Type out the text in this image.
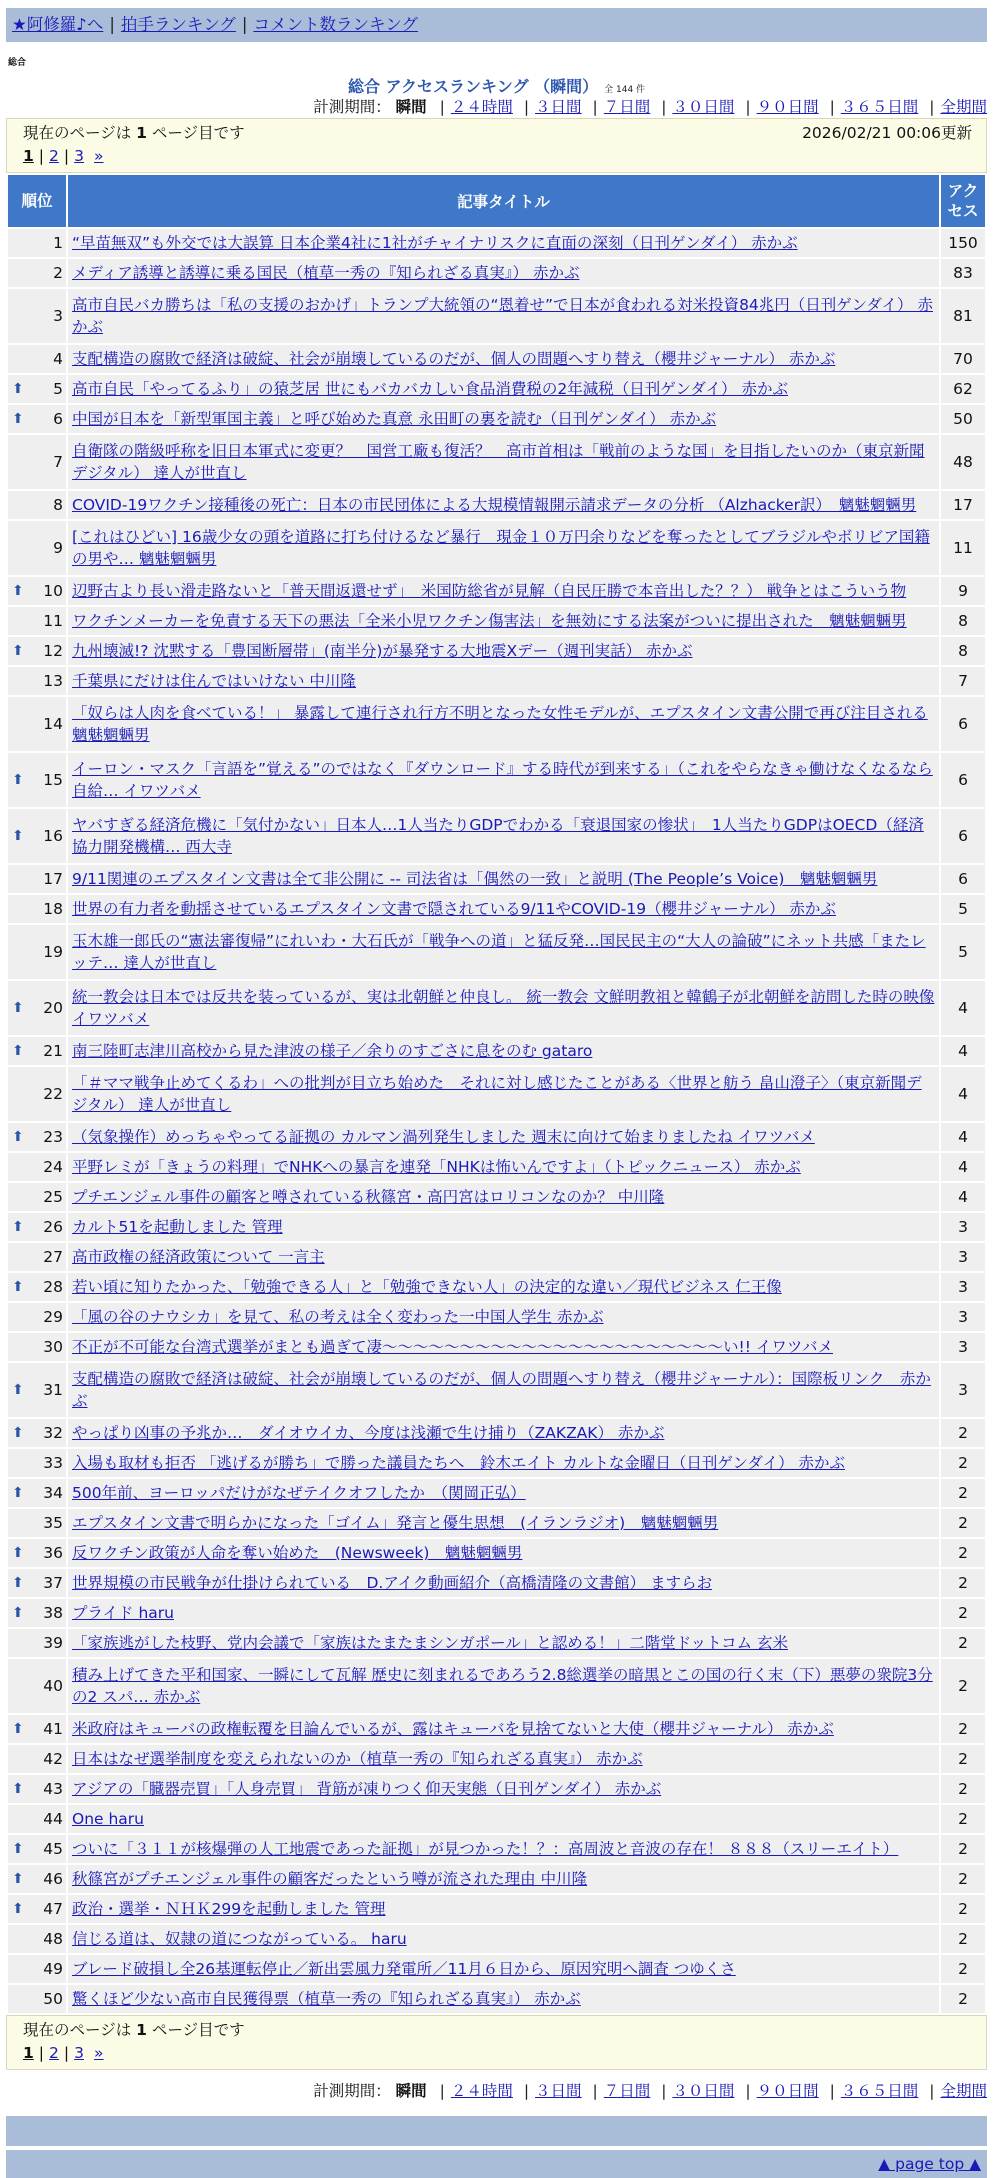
★阿修羅♪へ | 拍手ランキング | コメント数ランキング
総合
総合 アクセスランキング （瞬間） 全 144 件
計測期間： 瞬間 | ２４時間 | ３日間 | ７日間 | ３０日間 | ９０日間 | ３６５日間 | 全期間
現在のページは 1 ページ目です	2026/02/21 00:06更新
1 | 2 | 3 »
順位	記事タイトル	アクセス
1	“早苗無双”も外交では大誤算 日本企業4社に1社がチャイナリスクに直面の深刻（日刊ゲンダイ） 赤かぶ	150
2	メディア誘導と誘導に乗る国民（植草一秀の『知られざる真実』） 赤かぶ	83
3	高市自民バカ勝ちは「私の支援のおかげ」トランプ大統領の“恩着せ”で日本が食われる対米投資84兆円（日刊ゲンダイ） 赤かぶ	81
4	支配構造の腐敗で経済は破綻、社会が崩壊しているのだが、個人の問題へすり替え（櫻井ジャーナル） 赤かぶ	70

⬆ 5	高市自民「やってるふり」の猿芝居 世にもバカバカしい食品消費税の2年減税（日刊ゲンダイ） 赤かぶ	62

⬆ 6	中国が日本を「新型軍国主義」と呼び始めた真意 永田町の裏を読む（日刊ゲンダイ） 赤かぶ	50
7	自衛隊の階級呼称を旧日本軍式に変更？　国営工廠も復活？　高市首相は「戦前のような国」を目指したいのか（東京新聞デジタル） 達人が世直し	48
8	COVID-19ワクチン接種後の死亡：日本の市民団体による大規模情報開示請求データの分析 （Alzhacker訳）　魑魅魍魎男	17
9	[これはひどい] 16歳少女の頭を道路に打ち付けるなど暴行　現金１０万円余りなどを奪ったとしてブラジルやボリビア国籍の男や… 魑魅魍魎男	11

⬆ 10	辺野古より長い滑走路ないと「普天間返還せず」　米国防総省が見解（自民圧勝で本音出した？？） 戦争とはこういう物	9
11	ワクチンメーカーを免責する天下の悪法「全米小児ワクチン傷害法」を無効にする法案がついに提出された　魑魅魍魎男	8

⬆ 12	九州壊滅!? 沈黙する「豊国断層帯」(南半分)が暴発する大地震Xデー（週刊実話） 赤かぶ	8
13	千葉県にだけは住んではいけない 中川隆	7
14	「奴らは人肉を食べている！」 暴露して連行され行方不明となった女性モデルが、エプスタイン文書公開で再び注目される 魑魅魍魎男	6

⬆ 15	イーロン・マスク「言語を”覚える”のではなく『ダウンロード』する時代が到来する」（これをやらなきゃ働けなくなるなら 自給… イワツバメ	6

⬆ 16	ヤバすぎる経済危機に「気付かない」日本人…1人当たりGDPでわかる「衰退国家の惨状」　1人当たりGDPはOECD（経済協力開発機構… 西大寺	6
17	9/11関連のエプスタイン文書は全て非公開に -- 司法省は「偶然の一致」と説明 (The People’s Voice)　魑魅魍魎男	6
18	世界の有力者を動揺させているエプスタイン文書で隠されている9/11やCOVID-19（櫻井ジャーナル） 赤かぶ	5
19	玉木雄一郎氏の“憲法審復帰”にれいわ・大石氏が「戦争への道」と猛反発…国民民主の“大人の論破”にネット共感「またレッテ… 達人が世直し	5

⬆ 20	統一教会は日本では反共を装っているが、実は北朝鮮と仲良し。 統一教会 文鮮明教祖と韓鶴子が北朝鮮を訪問した時の映像 イワツバメ	4

⬆ 21	南三陸町志津川高校から見た津波の様子／余りのすごさに息をのむ gataro	4
22	「＃ママ戦争止めてくるわ」への批判が目立ち始めた　それに対し感じたことがある〈世界と舫う 畠山澄子〉（東京新聞デジタル） 達人が世直し	4

⬆ 23	（気象操作）めっちゃやってる証拠の カルマン渦列発生しました 週末に向けて始まりましたね イワツバメ	4
24	平野レミが「きょうの料理」でNHKへの暴言を連発「NHKは怖いんですよ」（トピックニュース） 赤かぶ	4
25	プチエンジェル事件の顧客と噂されている秋篠宮・高円宮はロリコンなのか？ 中川隆	4

⬆ 26	カルト51を起動しました 管理	3
27	高市政権の経済政策について 一言主	3

⬆ 28	若い頃に知りたかった、「勉強できる人」と「勉強できない人」の決定的な違い／現代ビジネス 仁王像	3
29	「風の谷のナウシカ」を見て、私の考えは全く変わった一中国人学生 赤かぶ	3
30	不正が不可能な台湾式選挙がまとも過ぎて凄～～～～～～～～～～～～～～～～～～～～～～い!! イワツバメ	3

⬆ 31	支配構造の腐敗で経済は破綻、社会が崩壊しているのだが、個人の問題へすり替え（櫻井ジャーナル）：国際板リンク　赤かぶ	3

⬆ 32	やっぱり凶事の予兆か…　ダイオウイカ、今度は浅瀬で生け捕り（ZAKZAK） 赤かぶ	2
33	入場も取材も拒否 「逃げるが勝ち」で勝った議員たちへ　鈴木エイト カルトな金曜日（日刊ゲンダイ） 赤かぶ	2

⬆ 34	500年前、ヨーロッパだけがなぜテイクオフしたか　（関岡正弘）	2
35	エプスタイン文書で明らかになった「ゴイム」発言と優生思想　(イランラジオ)　魑魅魍魎男	2

⬆ 36	反ワクチン政策が人命を奪い始めた　(Newsweek)　魑魅魍魎男	2

⬆ 37	世界規模の市民戦争が仕掛けられている　D.アイク動画紹介（高橋清隆の文書館） ますらお	2

⬆ 38	プライド haru	2
39	「家族逃がした枝野、党内会議で「家族はたまたまシンガポール」と認める！」二階堂ドットコム 玄米	2
40	積み上げてきた平和国家、一瞬にして瓦解 歴史に刻まれるであろう2.8総選挙の暗黒とこの国の行く末（下）悪夢の衆院3分の2 スパ… 赤かぶ	2

⬆ 41	米政府はキューバの政権転覆を目論んでいるが、露はキューバを見捨てないと大使（櫻井ジャーナル） 赤かぶ	2
42	日本はなぜ選挙制度を変えられないのか（植草一秀の『知られざる真実』） 赤かぶ	2

⬆ 43	アジアの「臓器売買」「人身売買」 背筋が凍りつく仰天実態（日刊ゲンダイ） 赤かぶ	2
44	One haru	2

⬆ 45	ついに「３１１が核爆弾の人工地震であった証拠」が見つかった！？：高周波と音波の存在！ ８８８（スリーエイト）	2

⬆ 46	秋篠宮がプチエンジェル事件の顧客だったという噂が流された理由 中川隆	2

⬆ 47	政治・選挙・ＮＨＫ299を起動しました 管理	2
48	信じる道は、奴隷の道につながっている。 haru	2
49	ブレード破損し全26基運転停止／新出雲風力発電所／11月６日から、原因究明へ調査 つゆくさ	2
50	驚くほど少ない高市自民獲得票（植草一秀の『知られざる真実』） 赤かぶ	2
現在のページは 1 ページ目です
1 | 2 | 3 »
計測期間： 瞬間 | ２４時間 | ３日間 | ７日間 | ３０日間 | ９０日間 | ３６５日間 | 全期間
▲ page top ▲
